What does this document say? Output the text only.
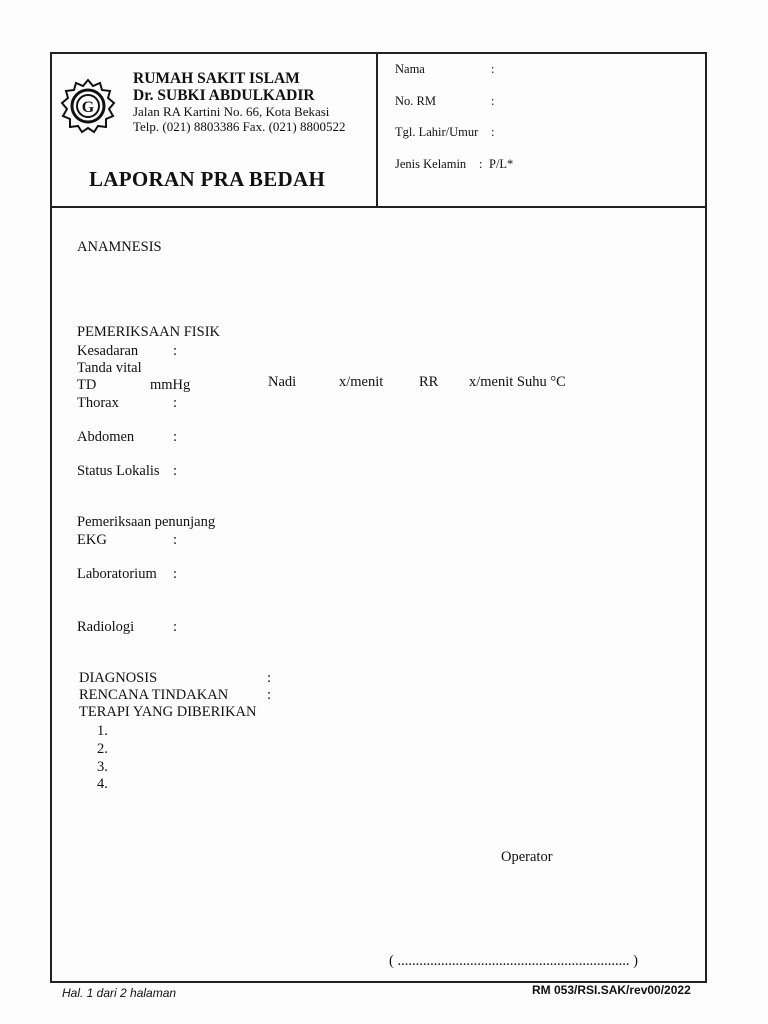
G
RUMAH SAKIT ISLAM
Dr. SUBKI ABDULKADIR
Jalan RA Kartini No. 66, Kota Bekasi
Telp. (021) 8803386 Fax. (021) 8800522
LAPORAN PRA BEDAH
Nama	:
No. RM	:
Tgl. Lahir/Umur :
Jenis Kelamin : P/L*
ANAMNESIS
PEMERIKSAAN FISIK
Kesadaran :
Tanda vital
TD	mmHg	Nadi	x/menit RR x/menit Suhu °C
Thorax	:
Abdomen	:
Status Lokalis :
Pemeriksaan penunjang
EKG	:
Laboratorium :
Radiologi	:
DIAGNOSIS	:
RENCANA TINDAKAN	:
TERAPI YANG DIBERIKAN
1.
2.
3.
4.
Operator
( ................................................................ )
Hal. 1 dari 2 halaman	RM 053/RSI.SAK/rev00/2022
